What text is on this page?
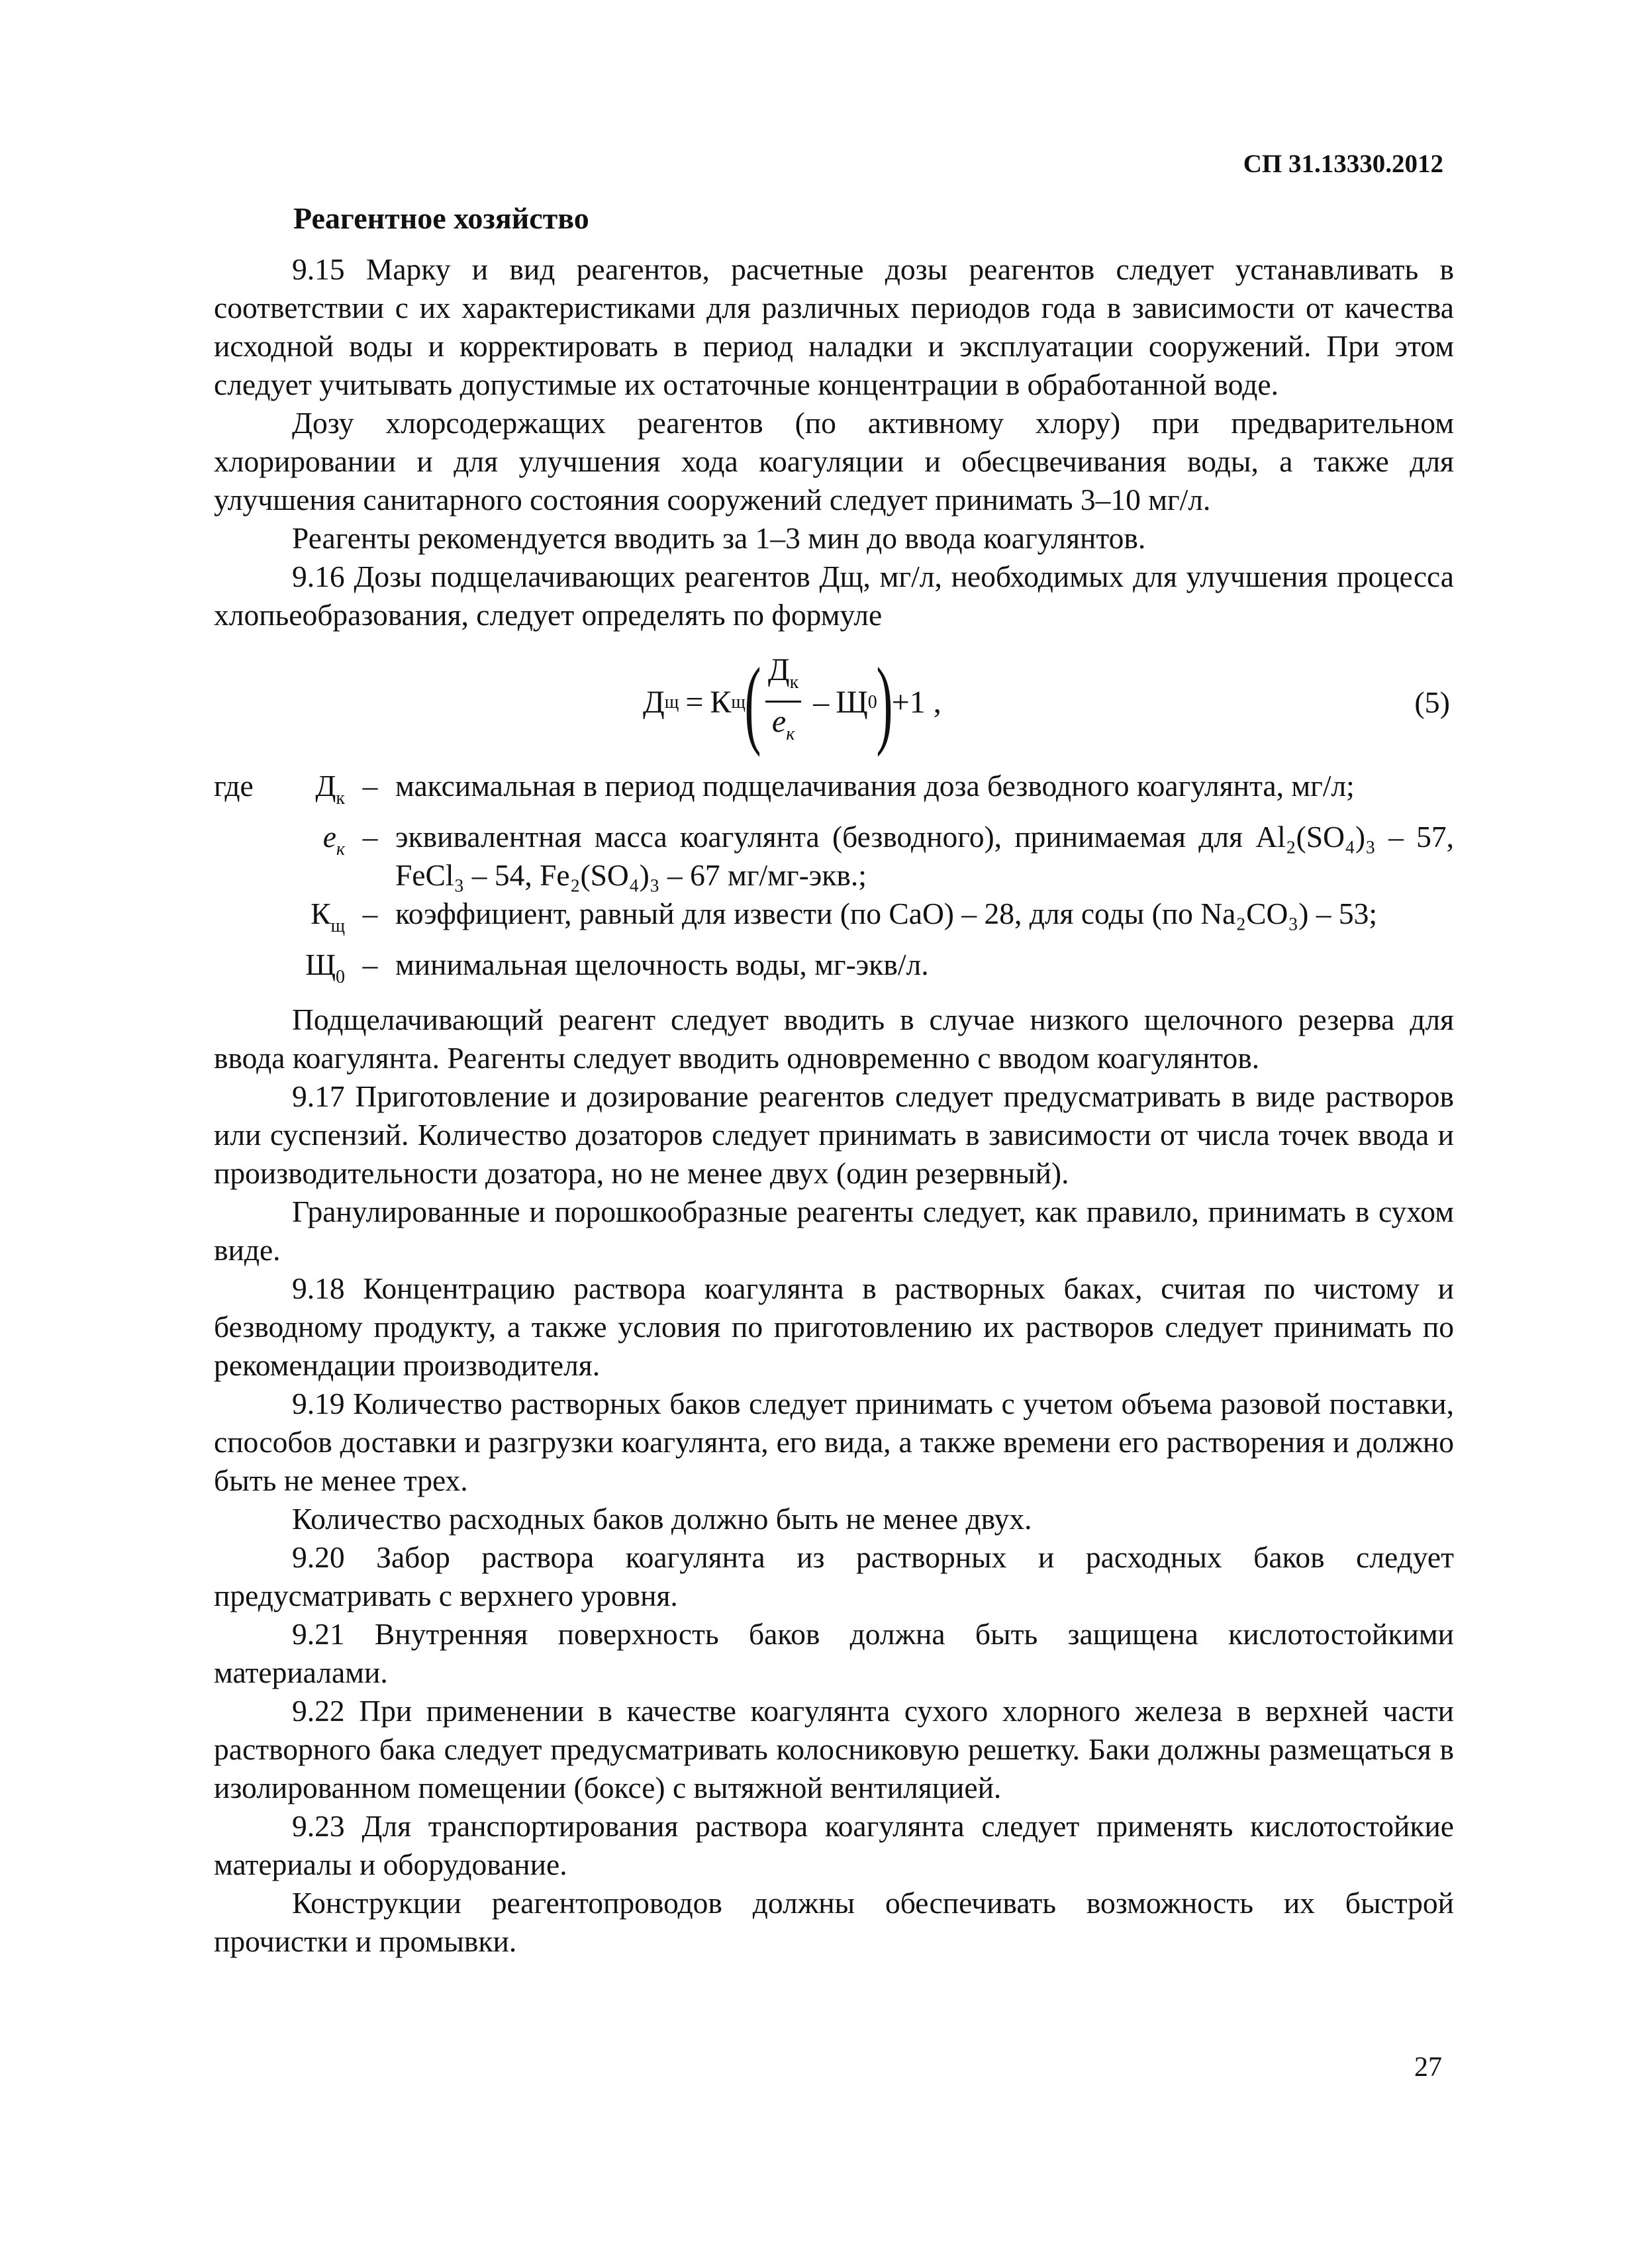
СП 31.13330.2012
Реагентное хозяйство

9.15 Марку и вид реагентов, расчетные дозы реагентов следует устанавливать в соответствии с их характеристиками для различных периодов года в зависимости от качества исходной воды и корректировать в период наладки и эксплуатации сооружений. При этом следует учитывать допустимые их остаточные концентрации в обработанной воде.

Дозу хлорсодержащих реагентов (по активному хлору) при предварительном хлорировании и для улучшения хода коагуляции и обесцвечивания воды, а также для улучшения санитарного состояния сооружений следует принимать 3–10 мг/л.

Реагенты рекомендуется вводить за 1–3 мин до ввода коагулянтов.

9.16 Дозы подщелачивающих реагентов Дщ, мг/л, необходимых для улучшения процесса хлопьеобразования, следует определять по формуле

Д щ = К щ
( $\frac{Д_к}{e_к}$ – Щ 0
)
+1 ,	(5)
где	$Д_к$ – максимальная в период подщелачивания доза безводного коагулянта, мг/л;
$e_к$ – эквивалентная масса коагулянта (безводного), принимаемая для Al₂(SO₄)₃ – 57, FeCl₃ – 54, Fe₂(SO₄)₃ – 67 мг/мг-экв.;
$К_щ$ – коэффициент, равный для извести (по CaO) – 28, для соды (по Na₂CO₃) – 53;
$Щ_0$ – минимальная щелочность воды, мг-экв/л.

Подщелачивающий реагент следует вводить в случае низкого щелочного резерва для ввода коагулянта. Реагенты следует вводить одновременно с вводом коагулянтов.

9.17 Приготовление и дозирование реагентов следует предусматривать в виде растворов или суспензий. Количество дозаторов следует принимать в зависимости от числа точек ввода и производительности дозатора, но не менее двух (один резервный).

Гранулированные и порошкообразные реагенты следует, как правило, принимать в сухом виде.

9.18 Концентрацию раствора коагулянта в растворных баках, считая по чистому и безводному продукту, а также условия по приготовлению их растворов следует принимать по рекомендации производителя.

9.19 Количество растворных баков следует принимать с учетом объема разовой поставки, способов доставки и разгрузки коагулянта, его вида, а также времени его растворения и должно быть не менее трех.

Количество расходных баков должно быть не менее двух.

9.20 Забор раствора коагулянта из растворных и расходных баков следует предусматривать с верхнего уровня.

9.21 Внутренняя поверхность баков должна быть защищена кислотостойкими материалами.

9.22 При применении в качестве коагулянта сухого хлорного железа в верхней части растворного бака следует предусматривать колосниковую решетку. Баки должны размещаться в изолированном помещении (боксе) с вытяжной вентиляцией.

9.23 Для транспортирования раствора коагулянта следует применять кислотостойкие материалы и оборудование.

Конструкции реагентопроводов должны обеспечивать возможность их быстрой прочистки и промывки.

27
